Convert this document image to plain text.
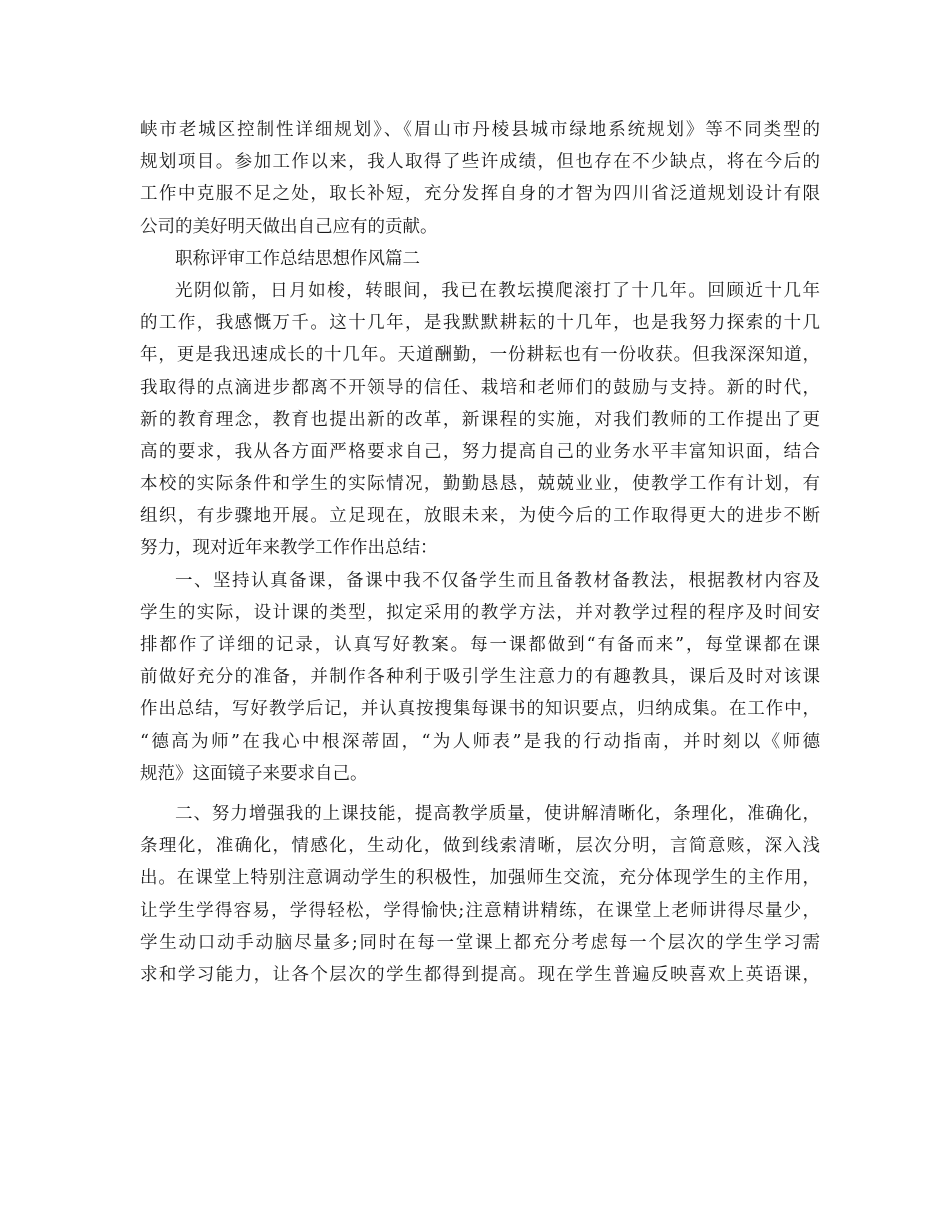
峡市老城区控制性详细规划》、《眉山市丹棱县城市绿地系统规划》等不同类型的
规划项目。参加工作以来，我人取得了些许成绩，但也存在不少缺点，将在今后的
工作中克服不足之处，取长补短，充分发挥自身的才智为四川省泛道规划设计有限
公司的美好明天做出自己应有的贡献。
职称评审工作总结思想作风篇二
光阴似箭，日月如梭，转眼间，我已在教坛摸爬滚打了十几年。回顾近十几年
的工作，我感慨万千。这十几年，是我默默耕耘的十几年，也是我努力探索的十几
年，更是我迅速成长的十几年。天道酬勤，一份耕耘也有一份收获。但我深深知道，
我取得的点滴进步都离不开领导的信任、栽培和老师们的鼓励与支持。新的时代，
新的教育理念，教育也提出新的改革，新课程的实施，对我们教师的工作提出了更
高的要求，我从各方面严格要求自己，努力提高自己的业务水平丰富知识面，结合
本校的实际条件和学生的实际情况，勤勤恳恳，兢兢业业，使教学工作有计划，有
组织，有步骤地开展。立足现在，放眼未来，为使今后的工作取得更大的进步不断
努力，现对近年来教学工作作出总结：
一、坚持认真备课，备课中我不仅备学生而且备教材备教法，根据教材内容及
学生的实际，设计课的类型，拟定采用的教学方法，并对教学过程的程序及时间安
排都作了详细的记录，认真写好教案。每一课都做到“有备而来”，每堂课都在课
前做好充分的准备，并制作各种利于吸引学生注意力的有趣教具，课后及时对该课
作出总结，写好教学后记，并认真按搜集每课书的知识要点，归纳成集。在工作中，
“德高为师”在我心中根深蒂固，“为人师表”是我的行动指南，并时刻以《师德
规范》这面镜子来要求自己。
二、努力增强我的上课技能，提高教学质量，使讲解清晰化，条理化，准确化，
条理化，准确化，情感化，生动化，做到线索清晰，层次分明，言简意赅，深入浅
出。在课堂上特别注意调动学生的积极性，加强师生交流，充分体现学生的主作用，
让学生学得容易，学得轻松，学得愉快;注意精讲精练，在课堂上老师讲得尽量少，
学生动口动手动脑尽量多;同时在每一堂课上都充分考虑每一个层次的学生学习需
求和学习能力，让各个层次的学生都得到提高。现在学生普遍反映喜欢上英语课，
